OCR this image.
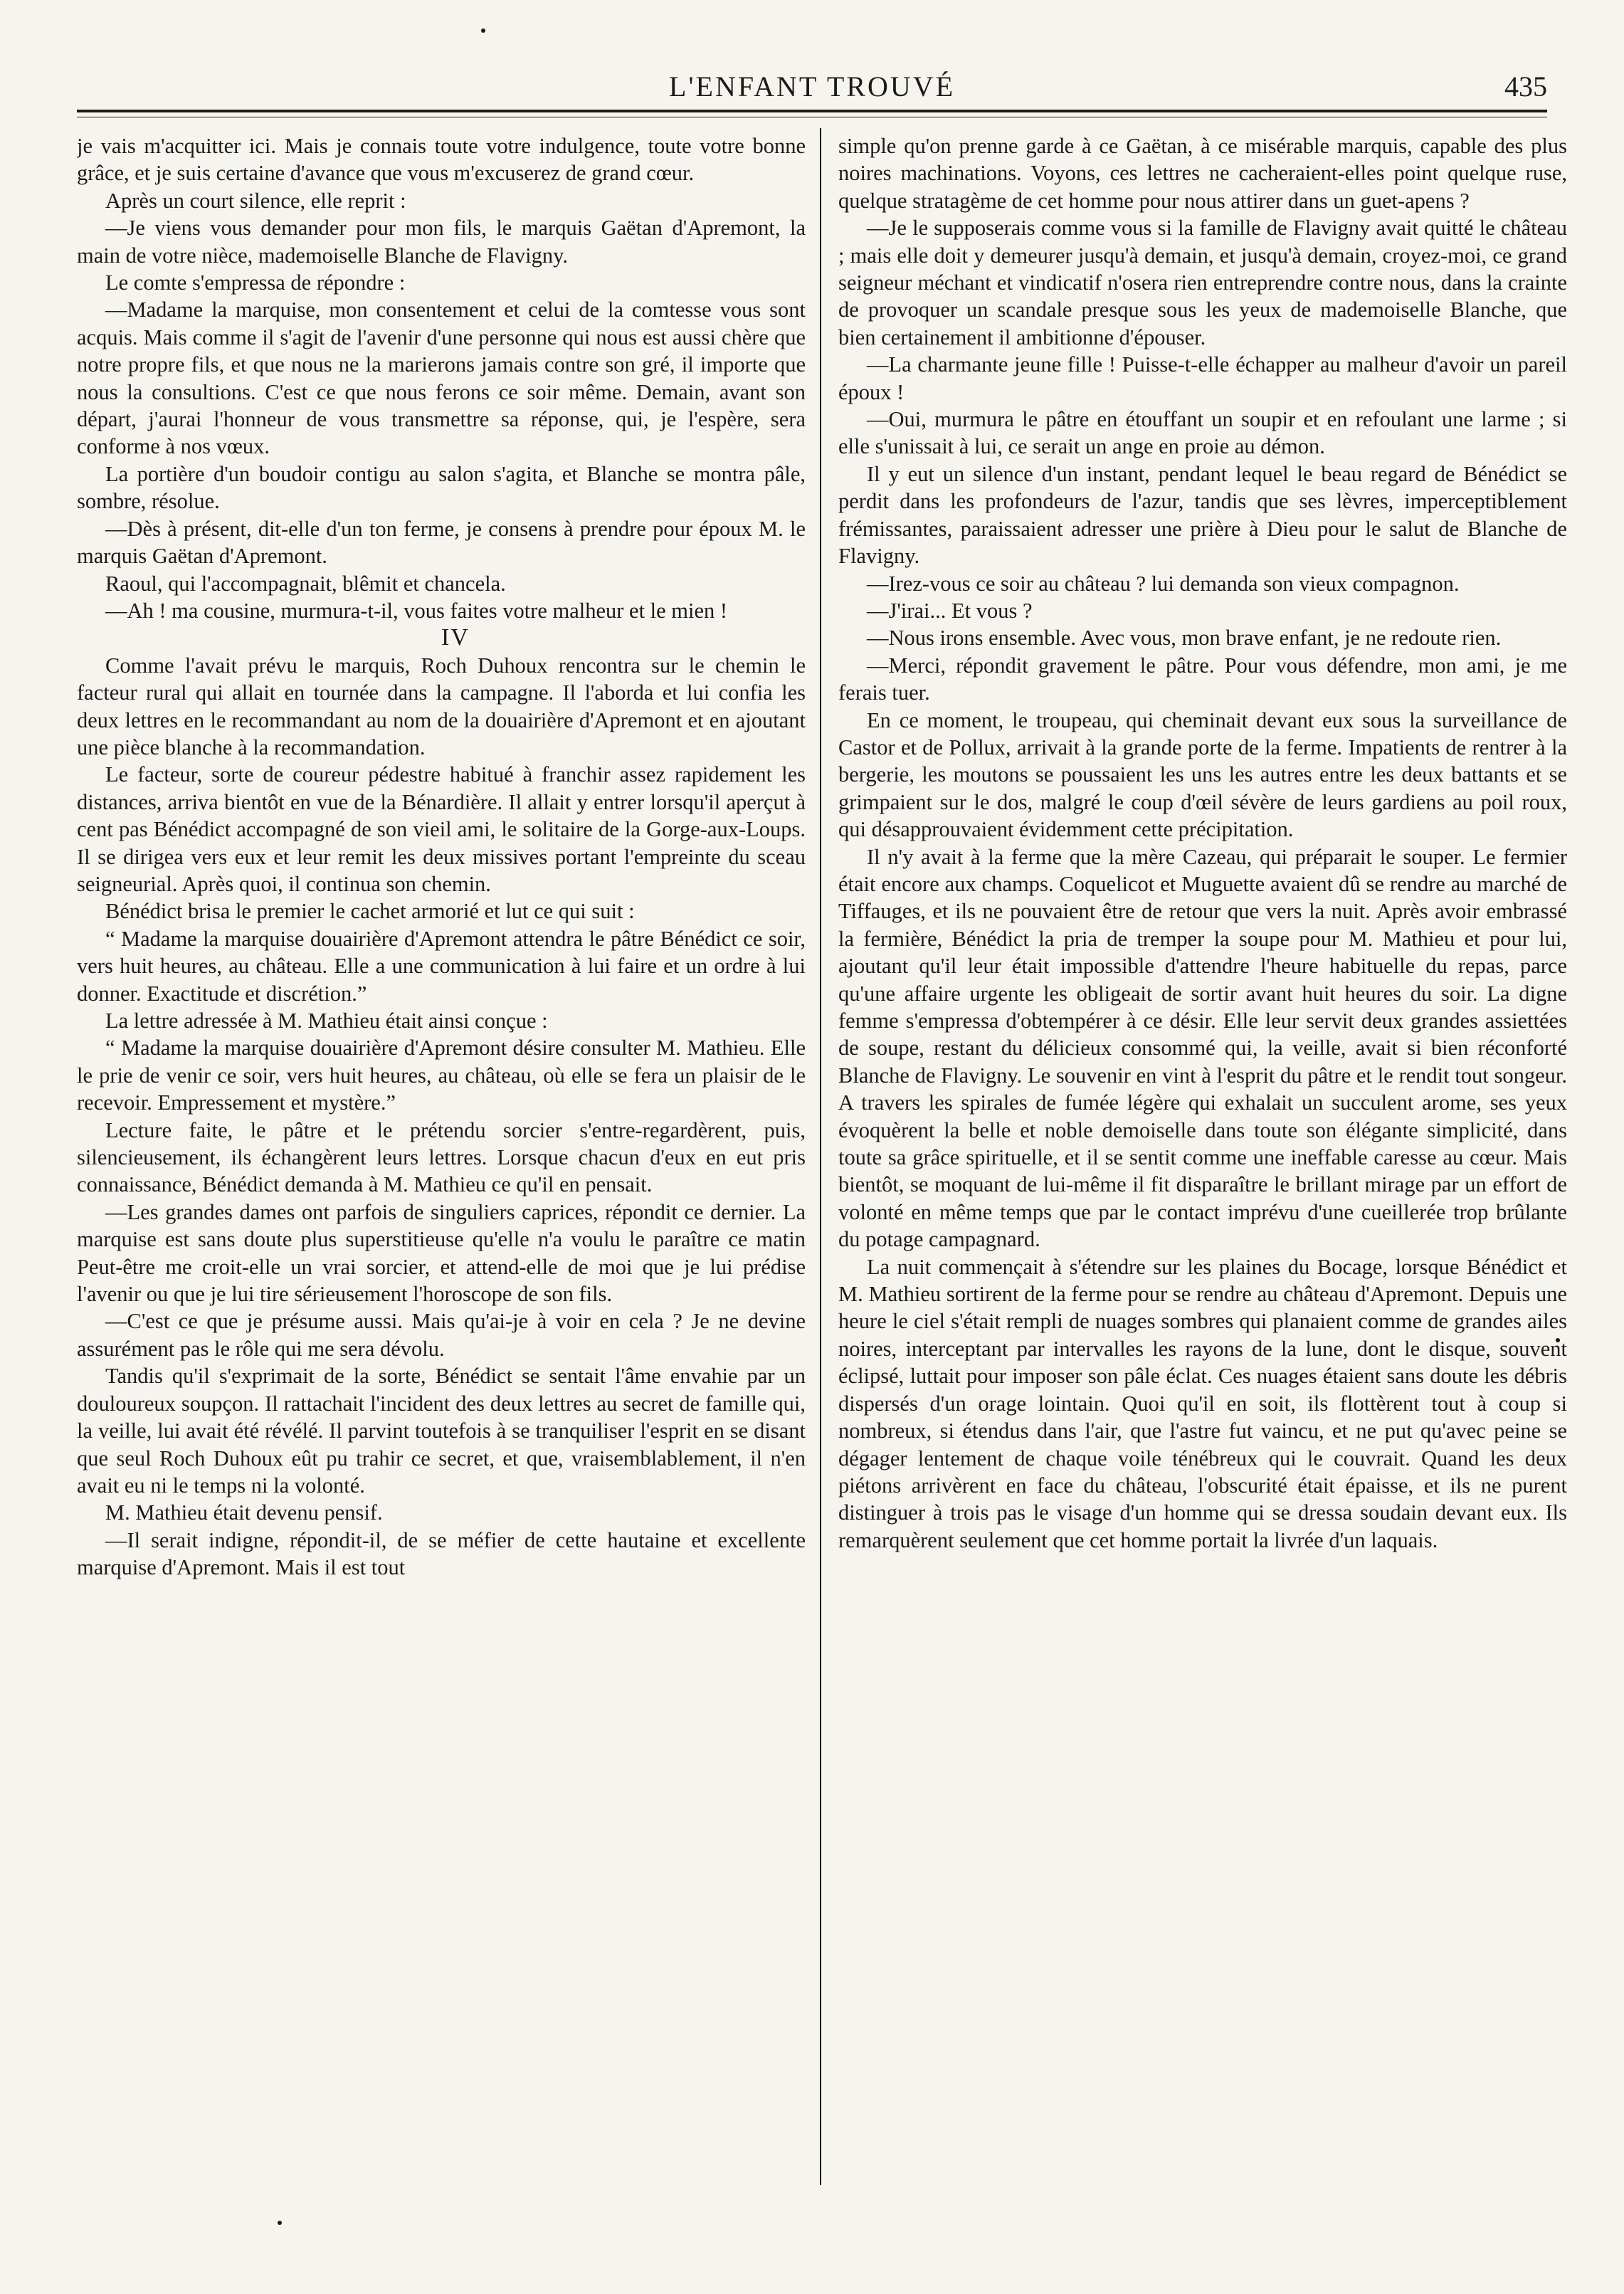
L'ENFANT TROUVÉ	435

je vais m'acquitter ici. Mais je connais toute votre indulgence, toute votre bonne grâce, et je suis certaine d'avance que vous m'excuserez de grand cœur.

Après un court silence, elle reprit :

—Je viens vous demander pour mon fils, le marquis Gaëtan d'Apremont, la main de votre nièce, mademoiselle Blanche de Flavigny.

Le comte s'empressa de répondre :

—Madame la marquise, mon consentement et celui de la comtesse vous sont acquis. Mais comme il s'agit de l'avenir d'une personne qui nous est aussi chère que notre propre fils, et que nous ne la marierons jamais contre son gré, il importe que nous la consultions. C'est ce que nous ferons ce soir même. Demain, avant son départ, j'aurai l'honneur de vous transmettre sa réponse, qui, je l'espère, sera conforme à nos vœux.

La portière d'un boudoir contigu au salon s'agita, et Blanche se montra pâle, sombre, résolue.

—Dès à présent, dit-elle d'un ton ferme, je consens à prendre pour époux M. le marquis Gaëtan d'Apremont.

Raoul, qui l'accompagnait, blêmit et chancela.

—Ah ! ma cousine, murmura-t-il, vous faites votre malheur et le mien !

IV

Comme l'avait prévu le marquis, Roch Duhoux rencontra sur le chemin le facteur rural qui allait en tournée dans la campagne. Il l'aborda et lui confia les deux lettres en le recommandant au nom de la douairière d'Apremont et en ajoutant une pièce blanche à la recommandation.

Le facteur, sorte de coureur pédestre habitué à franchir assez rapidement les distances, arriva bientôt en vue de la Bénardière. Il allait y entrer lorsqu'il aperçut à cent pas Bénédict accompagné de son vieil ami, le solitaire de la Gorge-aux-Loups. Il se dirigea vers eux et leur remit les deux missives portant l'empreinte du sceau seigneurial. Après quoi, il continua son chemin.

Bénédict brisa le premier le cachet armorié et lut ce qui suit :

“ Madame la marquise douairière d'Apremont attendra le pâtre Bénédict ce soir, vers huit heures, au château. Elle a une communication à lui faire et un ordre à lui donner. Exactitude et discrétion.”

La lettre adressée à M. Mathieu était ainsi conçue :

“ Madame la marquise douairière d'Apremont désire consulter M. Mathieu. Elle le prie de venir ce soir, vers huit heures, au château, où elle se fera un plaisir de le recevoir. Empressement et mystère.”

Lecture faite, le pâtre et le prétendu sorcier s'entre-regardèrent, puis, silencieusement, ils échangèrent leurs lettres. Lorsque chacun d'eux en eut pris connaissance, Bénédict demanda à M. Mathieu ce qu'il en pensait.

—Les grandes dames ont parfois de singuliers caprices, répondit ce dernier. La marquise est sans doute plus superstitieuse qu'elle n'a voulu le paraître ce matin Peut-être me croit-elle un vrai sorcier, et attend-elle de moi que je lui prédise l'avenir ou que je lui tire sérieusement l'horoscope de son fils.

—C'est ce que je présume aussi. Mais qu'ai-je à voir en cela ? Je ne devine assurément pas le rôle qui me sera dévolu.

Tandis qu'il s'exprimait de la sorte, Bénédict se sentait l'âme envahie par un douloureux soupçon. Il rattachait l'incident des deux lettres au secret de famille qui, la veille, lui avait été révélé. Il parvint toutefois à se tranquiliser l'esprit en se disant que seul Roch Duhoux eût pu trahir ce secret, et que, vraisemblablement, il n'en avait eu ni le temps ni la volonté.

M. Mathieu était devenu pensif.

—Il serait indigne, répondit-il, de se méfier de cette hautaine et excellente marquise d'Apremont. Mais il est tout

simple qu'on prenne garde à ce Gaëtan, à ce misérable marquis, capable des plus noires machinations. Voyons, ces lettres ne cacheraient-elles point quelque ruse, quelque stratagème de cet homme pour nous attirer dans un guet-apens ?

—Je le supposerais comme vous si la famille de Flavigny avait quitté le château ; mais elle doit y demeurer jusqu'à demain, et jusqu'à demain, croyez-moi, ce grand seigneur méchant et vindicatif n'osera rien entreprendre contre nous, dans la crainte de provoquer un scandale presque sous les yeux de mademoiselle Blanche, que bien certainement il ambitionne d'épouser.

—La charmante jeune fille ! Puisse-t-elle échapper au malheur d'avoir un pareil époux !

—Oui, murmura le pâtre en étouffant un soupir et en refoulant une larme ; si elle s'unissait à lui, ce serait un ange en proie au démon.

Il y eut un silence d'un instant, pendant lequel le beau regard de Bénédict se perdit dans les profondeurs de l'azur, tandis que ses lèvres, imperceptiblement frémissantes, paraissaient adresser une prière à Dieu pour le salut de Blanche de Flavigny.

—Irez-vous ce soir au château ? lui demanda son vieux compagnon.

—J'irai... Et vous ?

—Nous irons ensemble. Avec vous, mon brave enfant, je ne redoute rien.

—Merci, répondit gravement le pâtre. Pour vous défendre, mon ami, je me ferais tuer.

En ce moment, le troupeau, qui cheminait devant eux sous la surveillance de Castor et de Pollux, arrivait à la grande porte de la ferme. Impatients de rentrer à la bergerie, les moutons se poussaient les uns les autres entre les deux battants et se grimpaient sur le dos, malgré le coup d'œil sévère de leurs gardiens au poil roux, qui désapprouvaient évidemment cette précipitation.

Il n'y avait à la ferme que la mère Cazeau, qui préparait le souper. Le fermier était encore aux champs. Coquelicot et Muguette avaient dû se rendre au marché de Tiffauges, et ils ne pouvaient être de retour que vers la nuit. Après avoir embrassé la fermière, Bénédict la pria de tremper la soupe pour M. Mathieu et pour lui, ajoutant qu'il leur était impossible d'attendre l'heure habituelle du repas, parce qu'une affaire urgente les obligeait de sortir avant huit heures du soir. La digne femme s'empressa d'obtempérer à ce désir. Elle leur servit deux grandes assiettées de soupe, restant du délicieux consommé qui, la veille, avait si bien réconforté Blanche de Flavigny. Le souvenir en vint à l'esprit du pâtre et le rendit tout songeur. A travers les spirales de fumée légère qui exhalait un succulent arome, ses yeux évoquèrent la belle et noble demoiselle dans toute son élégante simplicité, dans toute sa grâce spirituelle, et il se sentit comme une ineffable caresse au cœur. Mais bientôt, se moquant de lui-même il fit disparaître le brillant mirage par un effort de volonté en même temps que par le contact imprévu d'une cueillerée trop brûlante du potage campagnard.

La nuit commençait à s'étendre sur les plaines du Bocage, lorsque Bénédict et M. Mathieu sortirent de la ferme pour se rendre au château d'Apremont. Depuis une heure le ciel s'était rempli de nuages sombres qui planaient comme de grandes ailes noires, interceptant par intervalles les rayons de la lune, dont le disque, souvent éclipsé, luttait pour imposer son pâle éclat. Ces nuages étaient sans doute les débris dispersés d'un orage lointain. Quoi qu'il en soit, ils flottèrent tout à coup si nombreux, si étendus dans l'air, que l'astre fut vaincu, et ne put qu'avec peine se dégager lentement de chaque voile ténébreux qui le couvrait. Quand les deux piétons arrivèrent en face du château, l'obscurité était épaisse, et ils ne purent distinguer à trois pas le visage d'un homme qui se dressa soudain devant eux. Ils remarquèrent seulement que cet homme portait la livrée d'un laquais.
